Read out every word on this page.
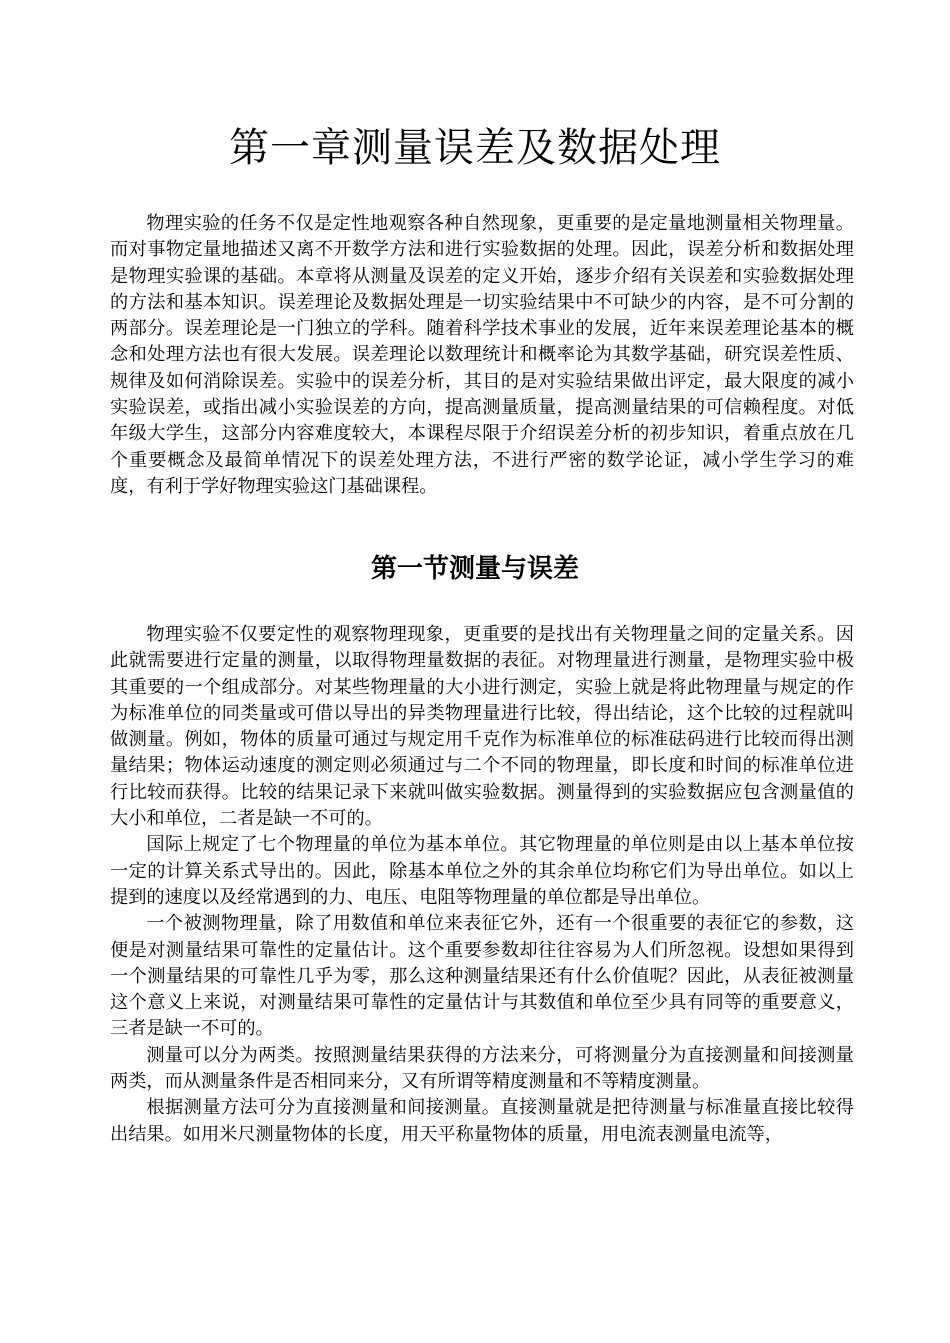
第一章测量误差及数据处理

物理实验的任务不仅是定性地观察各种自然现象，更重要的是定量地测量相关物理量。而对事物定量地描述又离不开数学方法和进行实验数据的处理。因此，误差分析和数据处理是物理实验课的基础。本章将从测量及误差的定义开始，逐步介绍有关误差和实验数据处理的方法和基本知识。误差理论及数据处理是一切实验结果中不可缺少的内容，是不可分割的两部分。误差理论是一门独立的学科。随着科学技术事业的发展，近年来误差理论基本的概念和处理方法也有很大发展。误差理论以数理统计和概率论为其数学基础，研究误差性质、规律及如何消除误差。实验中的误差分析，其目的是对实验结果做出评定，最大限度的减小实验误差，或指出减小实验误差的方向，提高测量质量，提高测量结果的可信赖程度。对低年级大学生，这部分内容难度较大，本课程尽限于介绍误差分析的初步知识，着重点放在几个重要概念及最简单情况下的误差处理方法，不进行严密的数学论证，减小学生学习的难度，有利于学好物理实验这门基础课程。

第一节测量与误差

物理实验不仅要定性的观察物理现象，更重要的是找出有关物理量之间的定量关系。因此就需要进行定量的测量，以取得物理量数据的表征。对物理量进行测量，是物理实验中极其重要的一个组成部分。对某些物理量的大小进行测定，实验上就是将此物理量与规定的作为标准单位的同类量或可借以导出的异类物理量进行比较，得出结论，这个比较的过程就叫做测量。例如，物体的质量可通过与规定用千克作为标准单位的标准砝码进行比较而得出测量结果；物体运动速度的测定则必须通过与二个不同的物理量，即长度和时间的标准单位进行比较而获得。比较的结果记录下来就叫做实验数据。测量得到的实验数据应包含测量值的大小和单位，二者是缺一不可的。

国际上规定了七个物理量的单位为基本单位。其它物理量的单位则是由以上基本单位按一定的计算关系式导出的。因此，除基本单位之外的其余单位均称它们为导出单位。如以上提到的速度以及经常遇到的力、电压、电阻等物理量的单位都是导出单位。

一个被测物理量，除了用数值和单位来表征它外，还有一个很重要的表征它的参数，这便是对测量结果可靠性的定量估计。这个重要参数却往往容易为人们所忽视。设想如果得到一个测量结果的可靠性几乎为零，那么这种测量结果还有什么价值呢？因此，从表征被测量这个意义上来说，对测量结果可靠性的定量估计与其数值和单位至少具有同等的重要意义，三者是缺一不可的。

测量可以分为两类。按照测量结果获得的方法来分，可将测量分为直接测量和间接测量两类，而从测量条件是否相同来分，又有所谓等精度测量和不等精度测量。

根据测量方法可分为直接测量和间接测量。直接测量就是把待测量与标准量直接比较得出结果。如用米尺测量物体的长度，用天平称量物体的质量，用电流表测量电流等，
